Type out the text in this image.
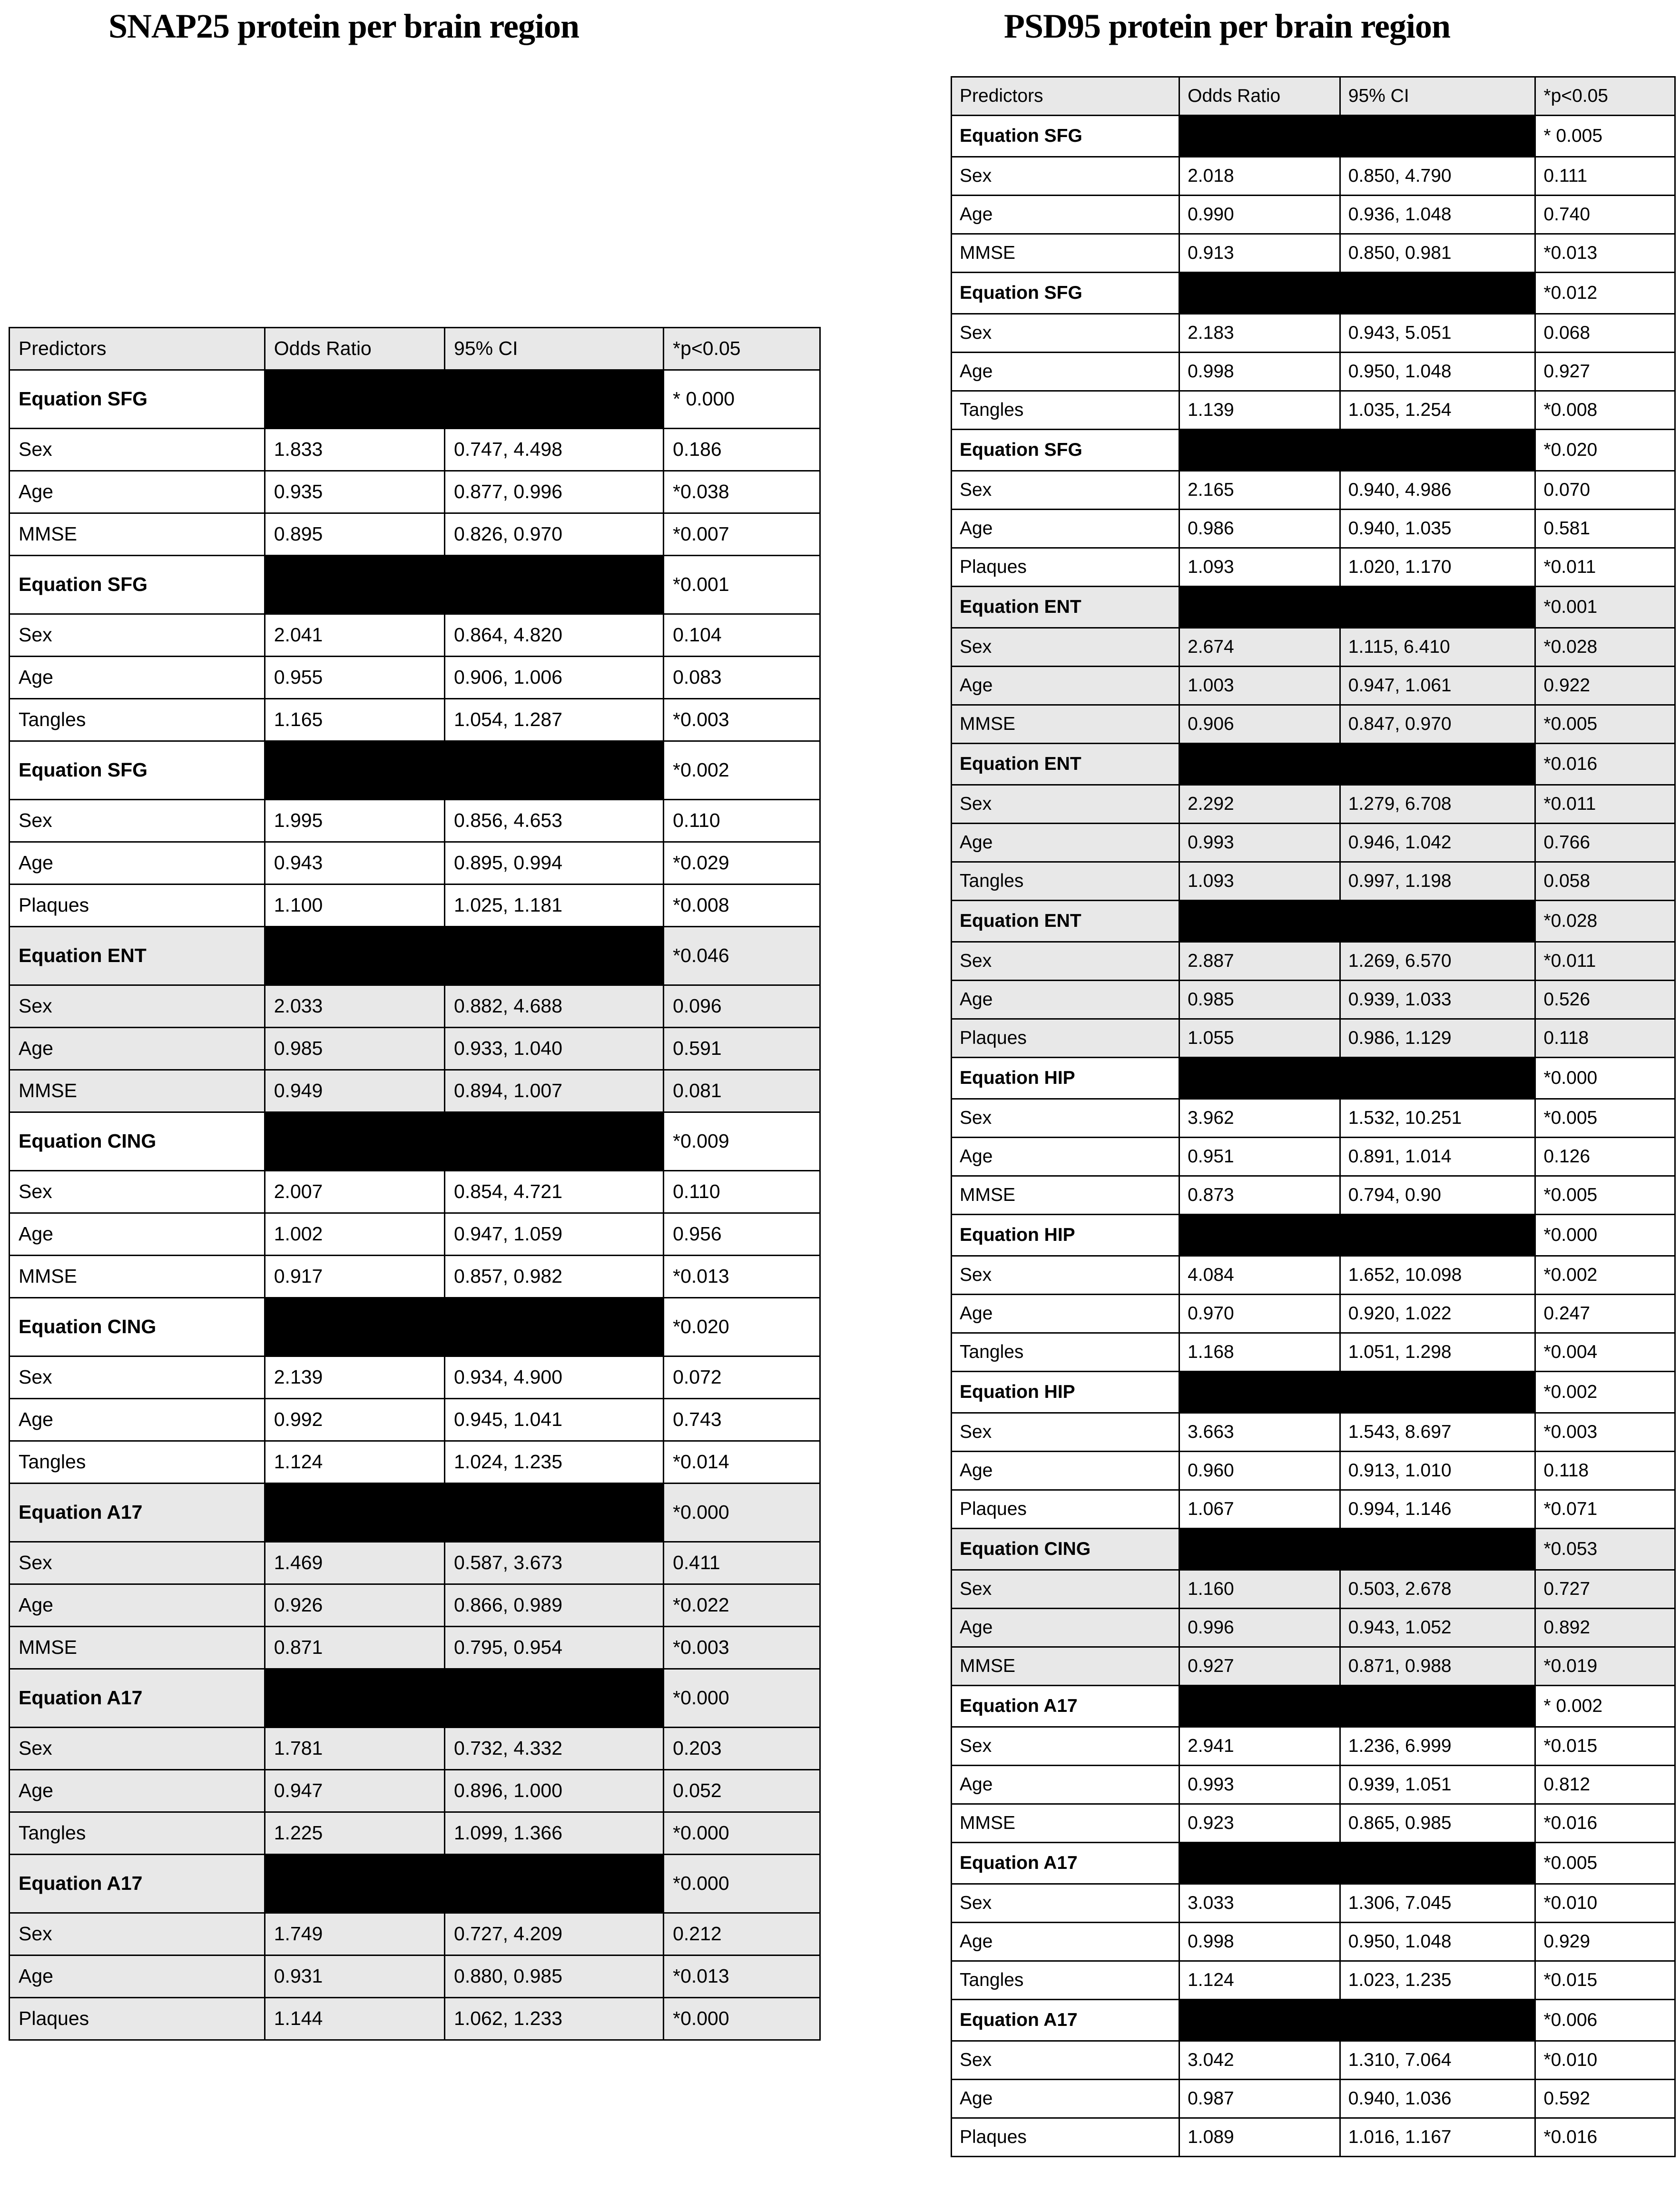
SNAP25 protein per brain region	PSD95 protein per brain region
Predictors	Odds Ratio	95% CI	*p<0.05
Equation SFG			* 0.000
Sex	1.833	0.747, 4.498	0.186
Age	0.935	0.877, 0.996	*0.038
MMSE	0.895	0.826, 0.970	*0.007
Equation SFG			*0.001
Sex	2.041	0.864, 4.820	0.104
Age	0.955	0.906, 1.006	0.083
Tangles	1.165	1.054, 1.287	*0.003
Equation SFG			*0.002
Sex	1.995	0.856, 4.653	0.110
Age	0.943	0.895, 0.994	*0.029
Plaques	1.100	1.025, 1.181	*0.008
Equation ENT			*0.046
Sex	2.033	0.882, 4.688	0.096
Age	0.985	0.933, 1.040	0.591
MMSE	0.949	0.894, 1.007	0.081
Equation CING			*0.009
Sex	2.007	0.854, 4.721	0.110
Age	1.002	0.947, 1.059	0.956
MMSE	0.917	0.857, 0.982	*0.013
Equation CING			*0.020
Sex	2.139	0.934, 4.900	0.072
Age	0.992	0.945, 1.041	0.743
Tangles	1.124	1.024, 1.235	*0.014
Equation A17			*0.000
Sex	1.469	0.587, 3.673	0.411
Age	0.926	0.866, 0.989	*0.022
MMSE	0.871	0.795, 0.954	*0.003
Equation A17			*0.000
Sex	1.781	0.732, 4.332	0.203
Age	0.947	0.896, 1.000	0.052
Tangles	1.225	1.099, 1.366	*0.000
Equation A17			*0.000
Sex	1.749	0.727, 4.209	0.212
Age	0.931	0.880, 0.985	*0.013
Plaques	1.144	1.062, 1.233	*0.000
Predictors	Odds Ratio	95% CI	*p<0.05
Equation SFG			* 0.005
Sex	2.018	0.850, 4.790	0.111
Age	0.990	0.936, 1.048	0.740
MMSE	0.913	0.850, 0.981	*0.013
Equation SFG			*0.012
Sex	2.183	0.943, 5.051	0.068
Age	0.998	0.950, 1.048	0.927
Tangles	1.139	1.035, 1.254	*0.008
Equation SFG			*0.020
Sex	2.165	0.940, 4.986	0.070
Age	0.986	0.940, 1.035	0.581
Plaques	1.093	1.020, 1.170	*0.011
Equation ENT			*0.001
Sex	2.674	1.115, 6.410	*0.028
Age	1.003	0.947, 1.061	0.922
MMSE	0.906	0.847, 0.970	*0.005
Equation ENT			*0.016
Sex	2.292	1.279, 6.708	*0.011
Age	0.993	0.946, 1.042	0.766
Tangles	1.093	0.997, 1.198	0.058
Equation ENT			*0.028
Sex	2.887	1.269, 6.570	*0.011
Age	0.985	0.939, 1.033	0.526
Plaques	1.055	0.986, 1.129	0.118
Equation HIP			*0.000
Sex	3.962	1.532, 10.251	*0.005
Age	0.951	0.891, 1.014	0.126
MMSE	0.873	0.794, 0.90	*0.005
Equation HIP			*0.000
Sex	4.084	1.652, 10.098	*0.002
Age	0.970	0.920, 1.022	0.247
Tangles	1.168	1.051, 1.298	*0.004
Equation HIP			*0.002
Sex	3.663	1.543, 8.697	*0.003
Age	0.960	0.913, 1.010	0.118
Plaques	1.067	0.994, 1.146	*0.071
Equation CING			*0.053
Sex	1.160	0.503, 2.678	0.727
Age	0.996	0.943, 1.052	0.892
MMSE	0.927	0.871, 0.988	*0.019
Equation A17			* 0.002
Sex	2.941	1.236, 6.999	*0.015
Age	0.993	0.939, 1.051	0.812
MMSE	0.923	0.865, 0.985	*0.016
Equation A17			*0.005
Sex	3.033	1.306, 7.045	*0.010
Age	0.998	0.950, 1.048	0.929
Tangles	1.124	1.023, 1.235	*0.015
Equation A17			*0.006
Sex	3.042	1.310, 7.064	*0.010
Age	0.987	0.940, 1.036	0.592
Plaques	1.089	1.016, 1.167	*0.016
